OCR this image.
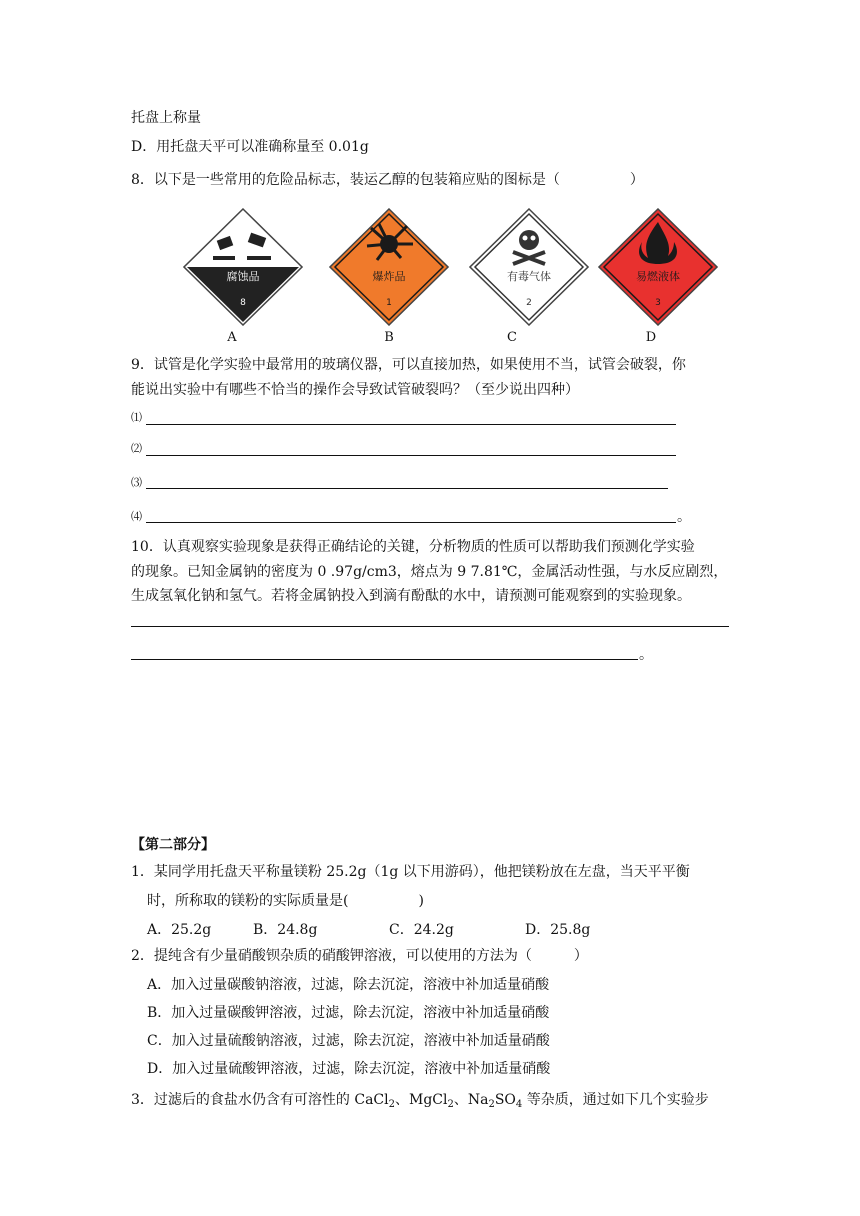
托盘上称量
D．用托盘天平可以准确称量至 0.01g
8．以下是一些常用的危险品标志，装运乙醇的包装箱应贴的图标是（　　　　　）
腐蚀品
8
A
爆炸品
1
B
有毒气体
2
C
易燃液体
3
D
9．试管是化学实验中最常用的玻璃仪器，可以直接加热，如果使用不当，试管会破裂，你
能说出实验中有哪些不恰当的操作会导致试管破裂吗？（至少说出四种）
⑴
⑵
⑶
⑷	。
10．认真观察实验现象是获得正确结论的关键，分析物质的性质可以帮助我们预测化学实验
的现象。已知金属钠的密度为 0 .97g/cm3，熔点为 9 7.81℃，金属活动性强，与水反应剧烈，
生成氢氧化钠和氢气。若将金属钠投入到滴有酚酞的水中，请预测可能观察到的实验现象。
。
【第二部分】
1．某同学用托盘天平称量镁粉 25.2g（1g 以下用游码），他把镁粉放在左盘，当天平平衡
时，所称取的镁粉的实际质量是(　　　　　)
A．25.2g	B．24.8g	C．24.2g	D．25.8g
2．提纯含有少量硝酸钡杂质的硝酸钾溶液，可以使用的方法为（　　　）
A．加入过量碳酸钠溶液，过滤，除去沉淀，溶液中补加适量硝酸
B．加入过量碳酸钾溶液，过滤，除去沉淀，溶液中补加适量硝酸
C．加入过量硫酸钠溶液，过滤，除去沉淀，溶液中补加适量硝酸
D．加入过量硫酸钾溶液，过滤，除去沉淀，溶液中补加适量硝酸
3．过滤后的食盐水仍含有可溶性的 CaCl$_2$、MgCl$_2$、$Na_2SO_4$ 等杂质，通过如下几个实验步
